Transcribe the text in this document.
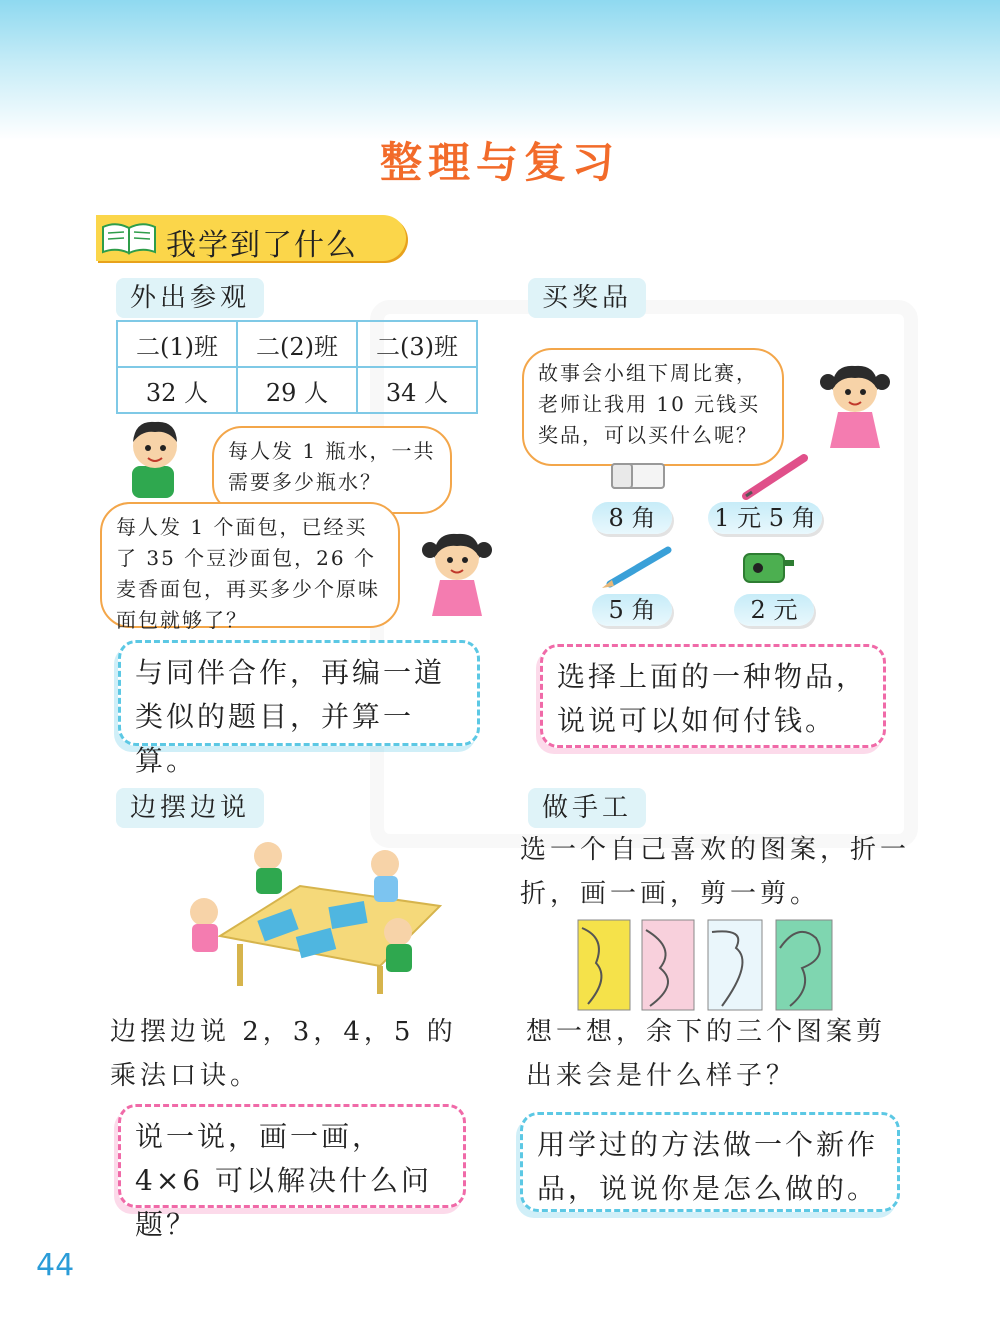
整理与复习
我学到了什么
外出参观
二(1)班	二(2)班	二(3)班
32 人	29 人	34 人
每人发 1 瓶水，一共需要多少瓶水？
每人发 1 个面包，已经买了 35 个豆沙面包，26 个麦香面包，再买多少个原味面包就够了？
与同伴合作，再编一道类似的题目，并算一算。
买奖品
故事会小组下周比赛，老师让我用 10 元钱买奖品，可以买什么呢？
8 角	1 元 5 角
5 角	2 元
选择上面的一种物品，说说可以如何付钱。
边摆边说
边摆边说 2，3，4，5 的乘法口诀。
说一说，画一画， 4×6 可以解决什么问题？
做手工
选一个自己喜欢的图案，折一折，画一画，剪一剪。
想一想，余下的三个图案剪出来会是什么样子？
用学过的方法做一个新作品，说说你是怎么做的。
44
